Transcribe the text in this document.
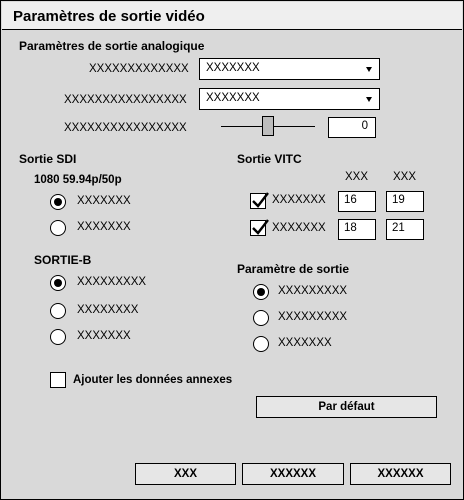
Paramètres de sortie vidéo
Paramètres de sortie analogique
XXXXXXXXXXXXX	XXXXXXX
XXXXXXXXXXXXXXXX	XXXXXXX
XXXXXXXXXXXXXXXX	0
Sortie SDI
1080 59.94p/50p
XXXXXXX
XXXXXXX
Sortie VITC
XXX XXX
XXXXXXX	16	19
XXXXXXX	18	21
SORTIE-B
XXXXXXXXX
XXXXXXXX
XXXXXXX
Paramètre de sortie
XXXXXXXXX
XXXXXXXXX
XXXXXXX
Ajouter les données annexes
Par défaut
XXX	XXXXXX	XXXXXX
